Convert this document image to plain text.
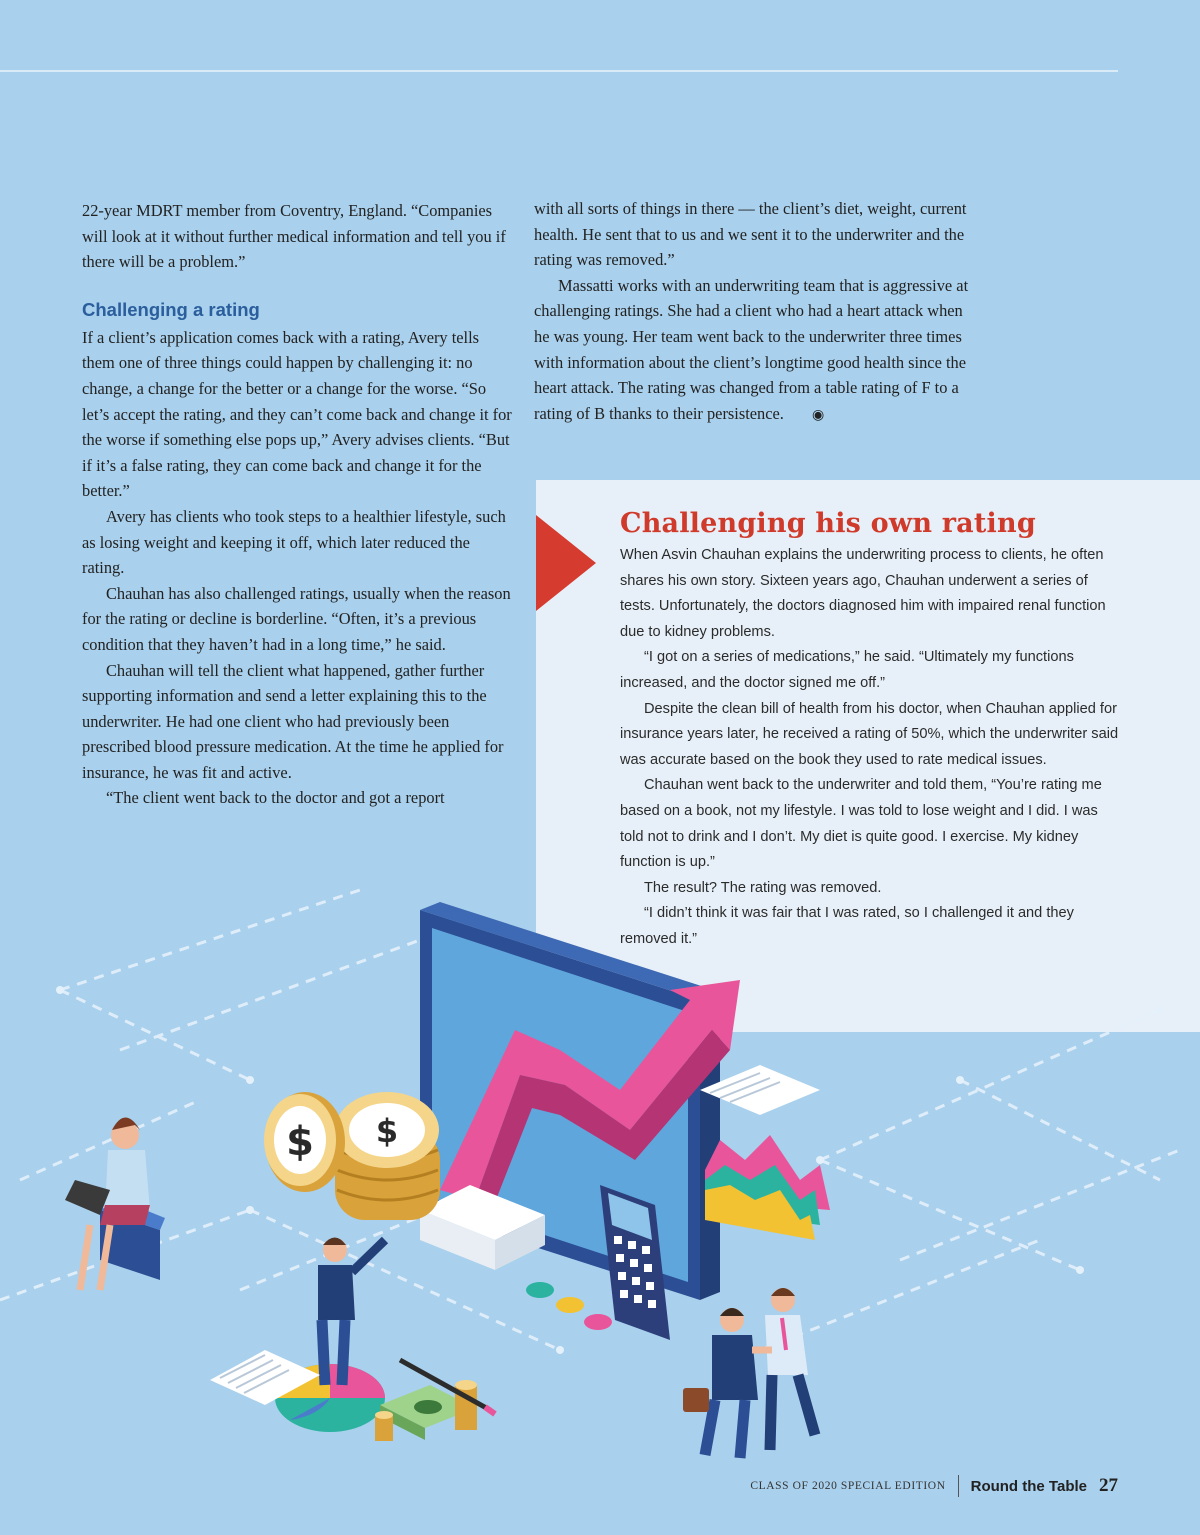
22-year MDRT member from Coventry, England. “Companies will look at it without further medical information and tell you if there will be a problem.”

Challenging a rating

If a client’s application comes back with a rating, Avery tells them one of three things could happen by challenging it: no change, a change for the better or a change for the worse. “So let’s accept the rating, and they can’t come back and change it for the worse if something else pops up,” Avery advises clients. “But if it’s a false rating, they can come back and change it for the better.”

Avery has clients who took steps to a healthier lifestyle, such as losing weight and keeping it off, which later reduced the rating.

Chauhan has also challenged ratings, usually when the reason for the rating or decline is borderline. “Often, it’s a previous condition that they haven’t had in a long time,” he said.

Chauhan will tell the client what happened, gather further supporting information and send a letter explaining this to the underwriter. He had one client who had previously been prescribed blood pressure medication. At the time he applied for insurance, he was fit and active.

“The client went back to the doctor and got a report

with all sorts of things in there — the client’s diet, weight, current health. He sent that to us and we sent it to the underwriter and the rating was removed.”

Massatti works with an underwriting team that is aggressive at challenging ratings. She had a client who had a heart attack when he was young. Her team went back to the underwriter three times with information about the client’s longtime good health since the heart attack. The rating was changed from a table rating of F to a rating of B thanks to their persistence. ◉

$
$
Challenging his own rating

When Asvin Chauhan explains the underwriting process to clients, he often shares his own story. Sixteen years ago, Chauhan underwent a series of tests. Unfortunately, the doctors diagnosed him with impaired renal function due to kidney problems.

“I got on a series of medications,” he said. “Ultimately my functions increased, and the doctor signed me off.”

Despite the clean bill of health from his doctor, when Chauhan applied for insurance years later, he received a rating of 50%, which the underwriter said was accurate based on the book they used to rate medical issues.

Chauhan went back to the underwriter and told them, “You’re rating me based on a book, not my lifestyle. I was told to lose weight and I did. I was told not to drink and I don’t. My diet is quite good. I exercise. My kidney function is up.”

The result? The rating was removed.

“I didn’t think it was fair that I was rated, so I challenged it and they removed it.”

CLASS OF 2020 SPECIAL EDITION Round the Table 27
